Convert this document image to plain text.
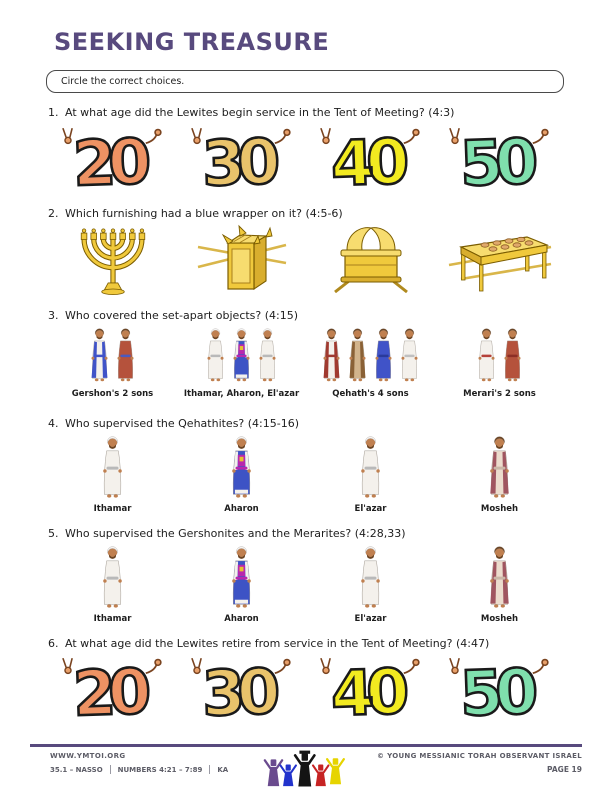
SEEKING TREASURE
Circle the correct choices.
1. At what age did the Lewites begin service in the Tent of Meeting? (4:3)
20 30 40 50
2. Which furnishing had a blue wrapper on it? (4:5-6)
3. Who covered the set-apart objects? (4:15)
Gershon's 2 sons	Ithamar, Aharon, El'azar	Qehath's 4 sons	Merari's 2 sons
4. Who supervised the Qehathites? (4:15-16)
Ithamar	Aharon	El'azar	Mosheh
5. Who supervised the Gershonites and the Merarites? (4:28,33)
Ithamar	Aharon	El'azar	Mosheh
6. At what age did the Lewites retire from service in the Tent of Meeting? (4:47)
20 30 40 50
WWW.YMTOI.ORG
35.1 – NASSO NUMBERS 4:21 – 7:89 KA
© YOUNG MESSIANIC TORAH OBSERVANT ISRAEL
PAGE 19
